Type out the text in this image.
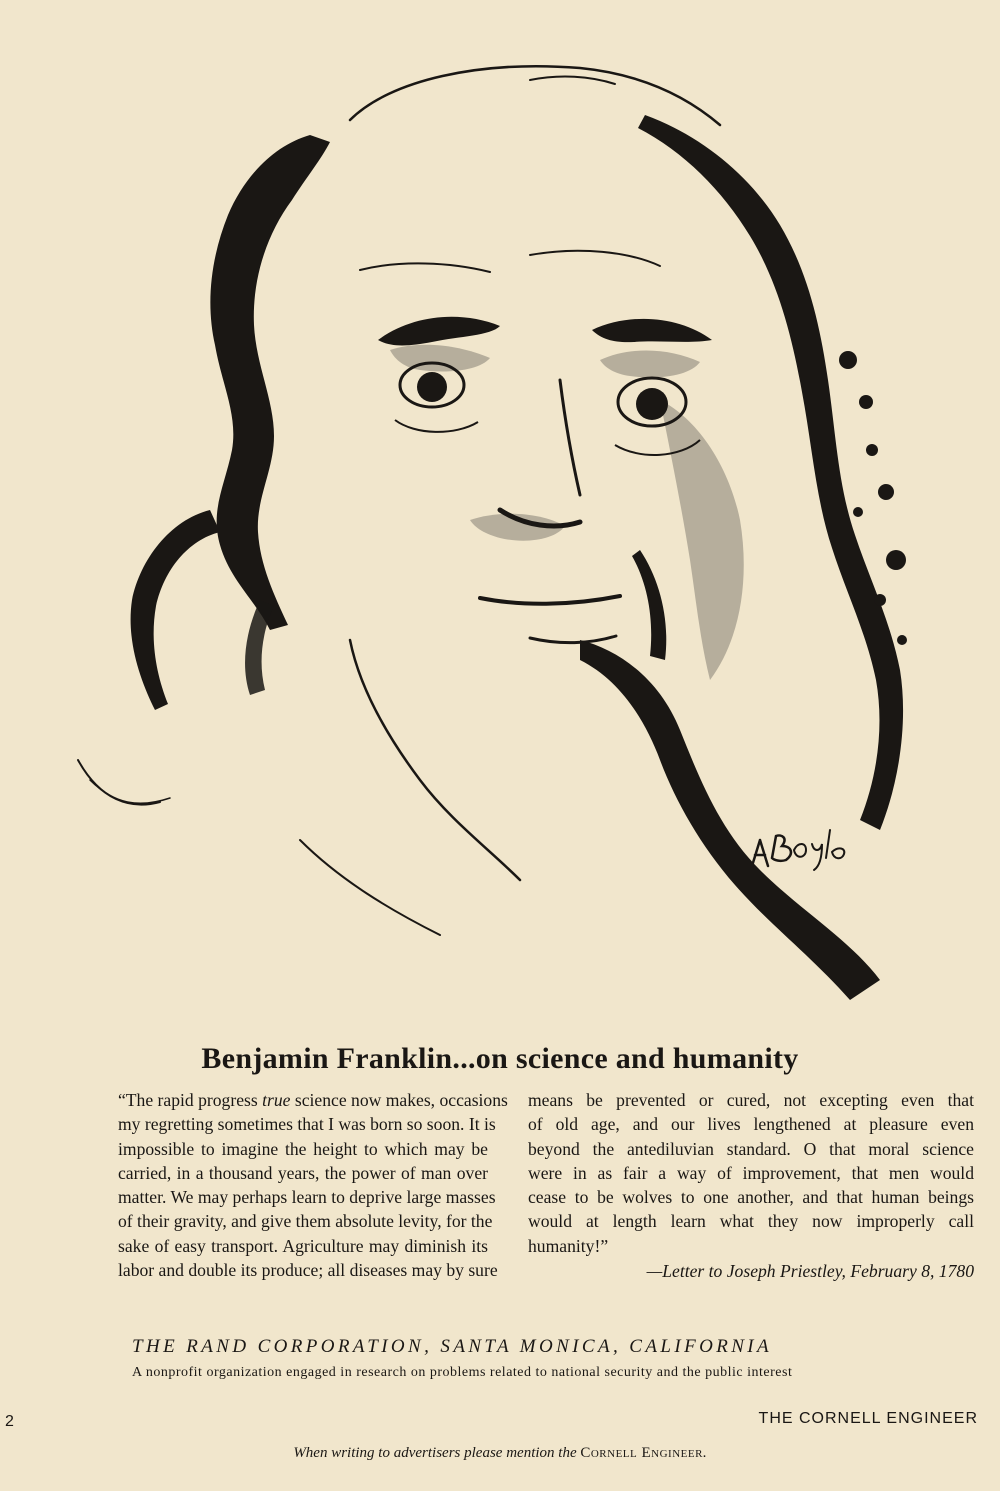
Benjamin Franklin...on science and humanity
“The rapid progress true science now makes, occasions
my regretting sometimes that I was born so soon. It is
impossible to imagine the height to which may be
carried, in a thousand years, the power of man over
matter. We may perhaps learn to deprive large masses
of their gravity, and give them absolute levity, for the
sake of easy transport. Agriculture may diminish its
labor and double its produce; all diseases may by sure
means be prevented or cured, not excepting even that
of old age, and our lives lengthened at pleasure even
beyond the antediluvian standard. O that moral science
were in as fair a way of improvement, that men would
cease to be wolves to one another, and that human beings
would at length learn what they now improperly call
humanity!”
—Letter to Joseph Priestley, February 8, 1780
THE RAND CORPORATION, SANTA MONICA, CALIFORNIA
A nonprofit organization engaged in research on problems related to national security and the public interest
2	THE CORNELL ENGINEER
When writing to advertisers please mention the Cornell Engineer.
